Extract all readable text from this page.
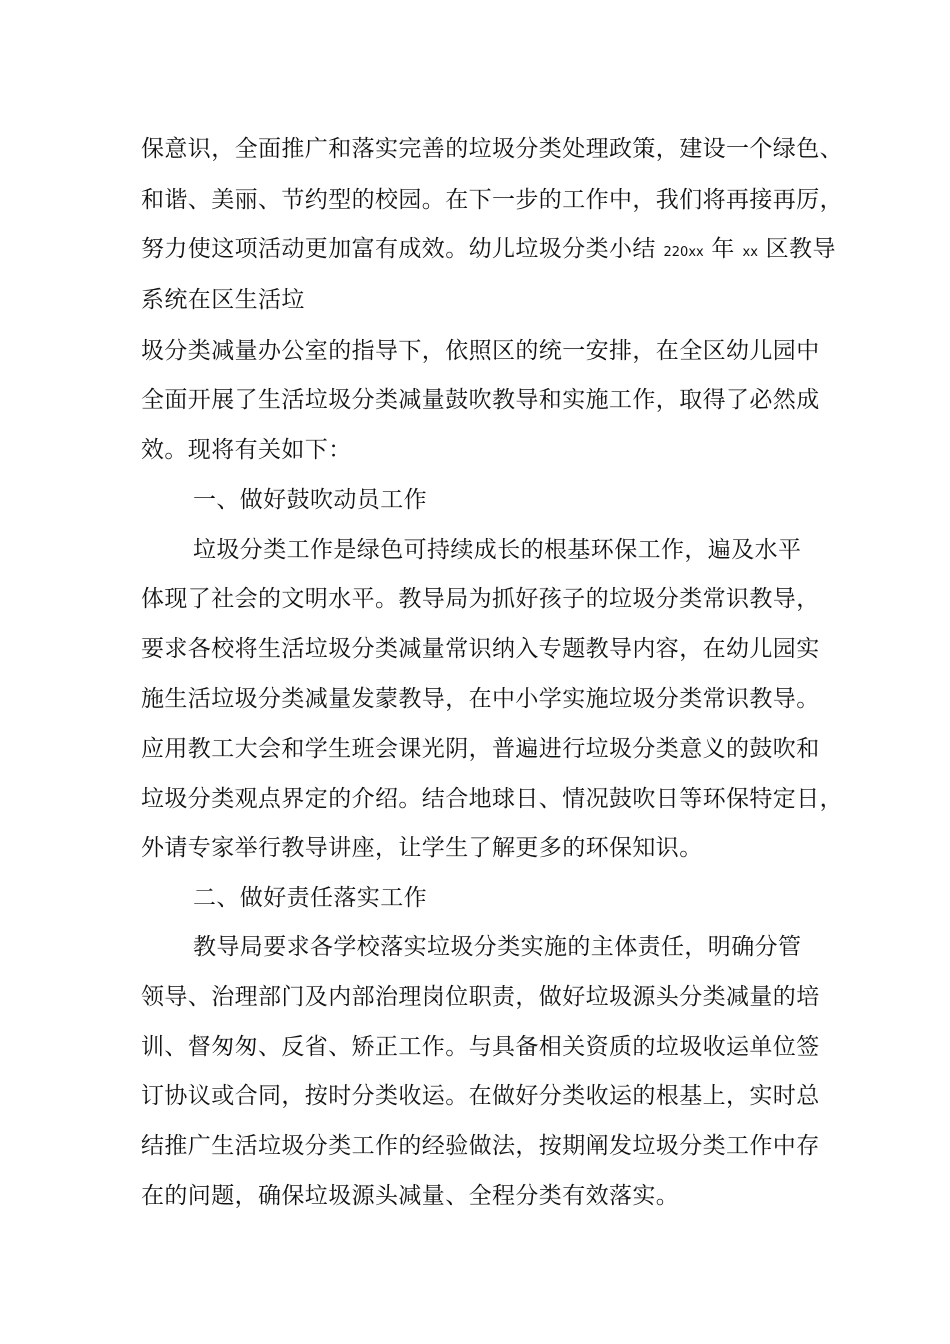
保意识，全面推广和落实完善的垃圾分类处理政策，建设一个绿色、
和谐、美丽、节约型的校园。在下一步的工作中，我们将再接再厉，
努力使这项活动更加富有成效。幼儿垃圾分类小结 220xx 年 xx 区教导
系统在区生活垃
圾分类减量办公室的指导下，依照区的统一安排，在全区幼儿园中
全面开展了生活垃圾分类减量鼓吹教导和实施工作，取得了必然成
效。现将有关如下：
一、做好鼓吹动员工作
垃圾分类工作是绿色可持续成长的根基环保工作，遍及水平
体现了社会的文明水平。教导局为抓好孩子的垃圾分类常识教导，
要求各校将生活垃圾分类减量常识纳入专题教导内容，在幼儿园实
施生活垃圾分类减量发蒙教导，在中小学实施垃圾分类常识教导。
应用教工大会和学生班会课光阴，普遍进行垃圾分类意义的鼓吹和
垃圾分类观点界定的介绍。结合地球日、情况鼓吹日等环保特定日，
外请专家举行教导讲座，让学生了解更多的环保知识。
二、做好责任落实工作
教导局要求各学校落实垃圾分类实施的主体责任，明确分管
领导、治理部门及内部治理岗位职责，做好垃圾源头分类减量的培
训、督匆匆、反省、矫正工作。与具备相关资质的垃圾收运单位签
订协议或合同，按时分类收运。在做好分类收运的根基上，实时总
结推广生活垃圾分类工作的经验做法，按期阐发垃圾分类工作中存
在的问题，确保垃圾源头减量、全程分类有效落实。
